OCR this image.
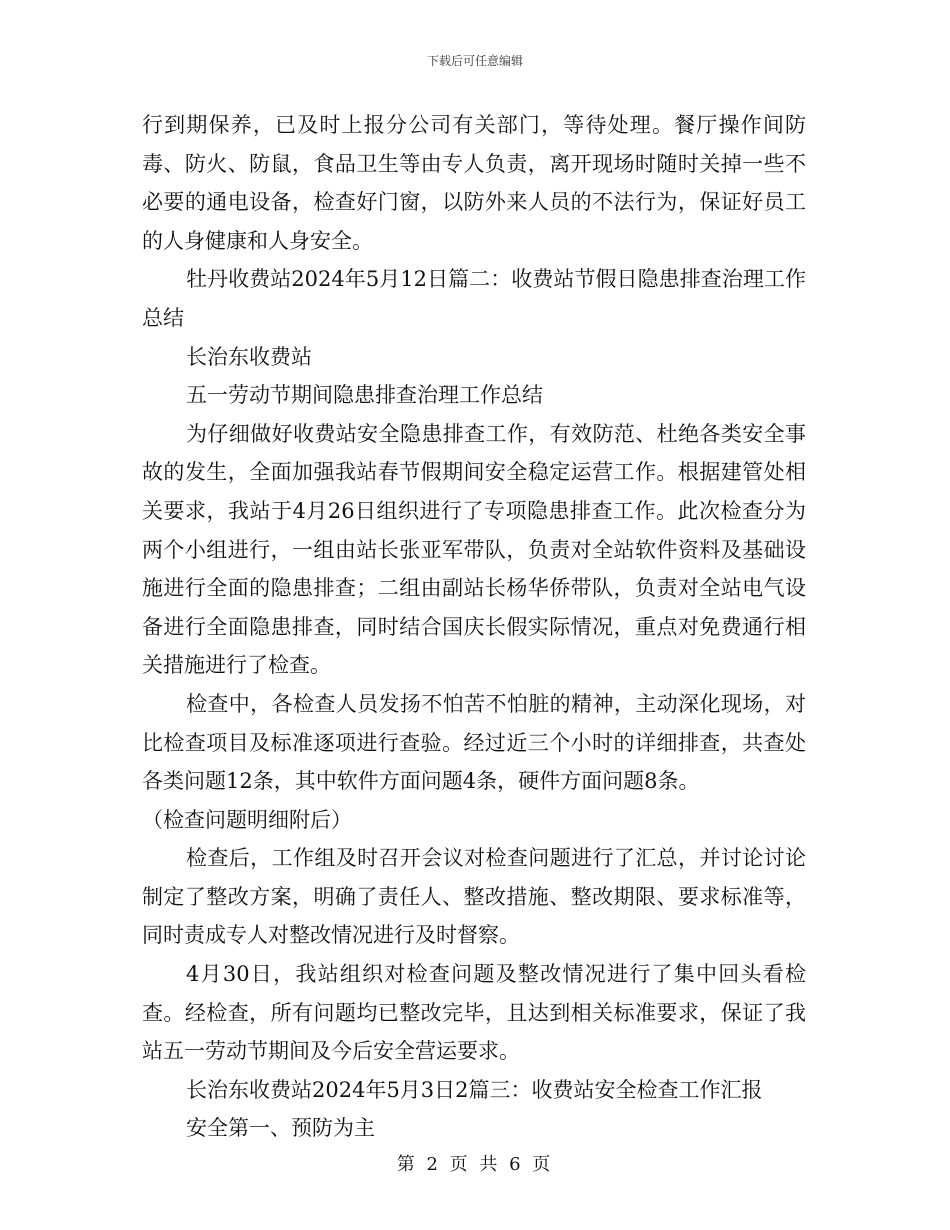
下载后可任意编辑

行到期保养，已及时上报分公司有关部门，等待处理。餐厅操作间防毒、防火、防鼠，食品卫生等由专人负责，离开现场时随时关掉一些不必要的通电设备，检查好门窗，以防外来人员的不法行为，保证好员工的人身健康和人身安全。

牡丹收费站2024年5月12日篇二：收费站节假日隐患排查治理工作总结

长治东收费站

五一劳动节期间隐患排查治理工作总结

为仔细做好收费站安全隐患排查工作，有效防范、杜绝各类安全事故的发生，全面加强我站春节假期间安全稳定运营工作。根据建管处相关要求，我站于4月26日组织进行了专项隐患排查工作。此次检查分为两个小组进行，一组由站长张亚军带队，负责对全站软件资料及基础设施进行全面的隐患排查；二组由副站长杨华侨带队，负责对全站电气设备进行全面隐患排查，同时结合国庆长假实际情况，重点对免费通行相关措施进行了检查。

检查中，各检查人员发扬不怕苦不怕脏的精神，主动深化现场，对比检查项目及标准逐项进行查验。经过近三个小时的详细排查，共查处各类问题12条，其中软件方面问题4条，硬件方面问题8条。

（检查问题明细附后）

检查后，工作组及时召开会议对检查问题进行了汇总，并讨论讨论制定了整改方案，明确了责任人、整改措施、整改期限、要求标准等，同时责成专人对整改情况进行及时督察。

4月30日，我站组织对检查问题及整改情况进行了集中回头看检查。经检查，所有问题均已整改完毕，且达到相关标准要求，保证了我站五一劳动节期间及今后安全营运要求。

长治东收费站2024年5月3日2篇三：收费站安全检查工作汇报

安全第一、预防为主

第 2 页 共 6 页
